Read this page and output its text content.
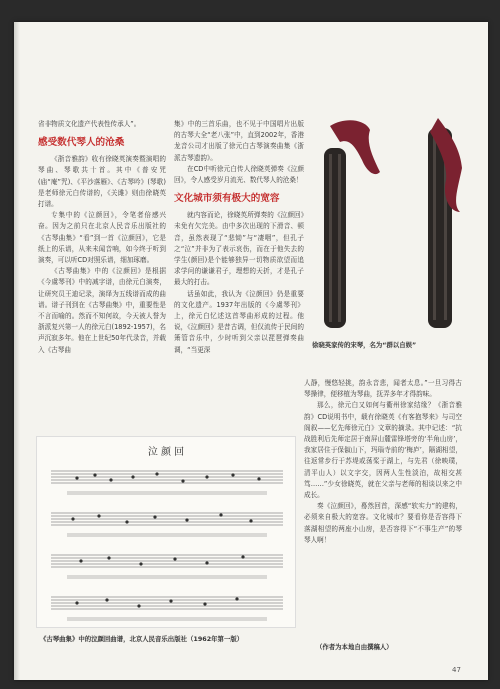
省非物质文化遗产代表性传承人”。

感受数代琴人的沧桑

《浙音雅韵》收有徐晓英演奏暨演唱的琴曲、琴歌共十首。其中《普安咒(庙“庵”咒)、《平沙落雁》、《古琴吟》(琴歌)是老师徐元白传谱的，《关雎》则由徐晓英打谱。

专集中的《泣颜回》，令笔者倍感兴奋。因为之前只在北京人民音乐出版社的《古琴曲集》“看”到一首《泣颜回》，它是纸上的乐谱，从来未闻音响，如今终于听到演奏，可以听CD对照乐谱，细加琢磨。

《古琴曲集》中的《泣颜回》是根据《今虞琴刊》中的减字谱，由徐元白演奏，让研究员王迪记录，演绎为五线谱而成的曲谱。谱子刊到在《古琴曲集》中，重要性是不言而喻的。然而不知何故，今天被人誉为浙派复兴第一人的徐元白(1892-1957)，名声沉寂多年。他在上世纪50年代录音，并载入《古琴曲

集》中的三首乐曲，也不见于中国唱片出版的古琴大全“老八张”中，直到2002年，香港龙音公司才出版了徐元白古琴演奏曲集《浙派古琴遗韵》。

在CD中听徐元白传人徐晓英弹奏《泣颜回》，令人感受岁月流光、数代琴人的沧桑！

文化城市须有极大的宽容

就内容而论，徐晓英所弹奏的《泣颜回》未免有欠完美。由中多次出现的下滑音、顿音，虽然表现了“悲恸”与“凄咽”，但孔子之“泣”并非为了表示哀伤，而在于他失去的学生(颜回)是个能够独异一切物质欲望而追求学问的谦谦君子，理想的天折，才是孔子最大的打击。

话虽如此，我认为《泣颜回》仍是重要的文化遗产。1937年出版的《今虞琴刊》上，徐元白忆述这首琴曲形成的过程。他说，《泣颜回》是昔古调，但仅流传于民间的箫管音乐中，少时听到父亲以琵琶弹奏曲调，“当更深

徐晓英家传的宋琴，名为“群以自娱”

人静，慢悠轻挑，韵永音悲，闻者太息。”一旦习得古琴操律，便移植为琴曲，抚弄多年才得韵味。

那么，徐元白又如何与衢州徐家结缘？《浙音雅韵》CD说明书中，载有徐晓英《有客抱琴来》与司空阁叙——忆先师徐元白》文章的摘录。其中记述：“抗战胜利后先师定居于南屏山麓雷锋塔旁的‘半角山房’，我家居住于保俶山下，玛瑙寺前的‘梅庐’，隔湖相望，往返常步行于苏堤或荡桨于湖上，与先君（徐映璞，清平山人）以文字交，因两人生性淡泊，故相交甚笃……”少女徐晓英，就在父亲与老师的相谈以来之中成长。

奏《泣颜回》，蓦然回首，深感“软实力”的建构，必须来自极大的宽容。文化城市？要看你是否容得下落湖相望的两座小山房，是否容得下“不事生产”的琴琴人啊！

泣 颜 回
《古琴曲集》中的泣颜回曲谱，北京人民音乐出版社（1962年第一版）
（作者为本地自由撰稿人）
47
